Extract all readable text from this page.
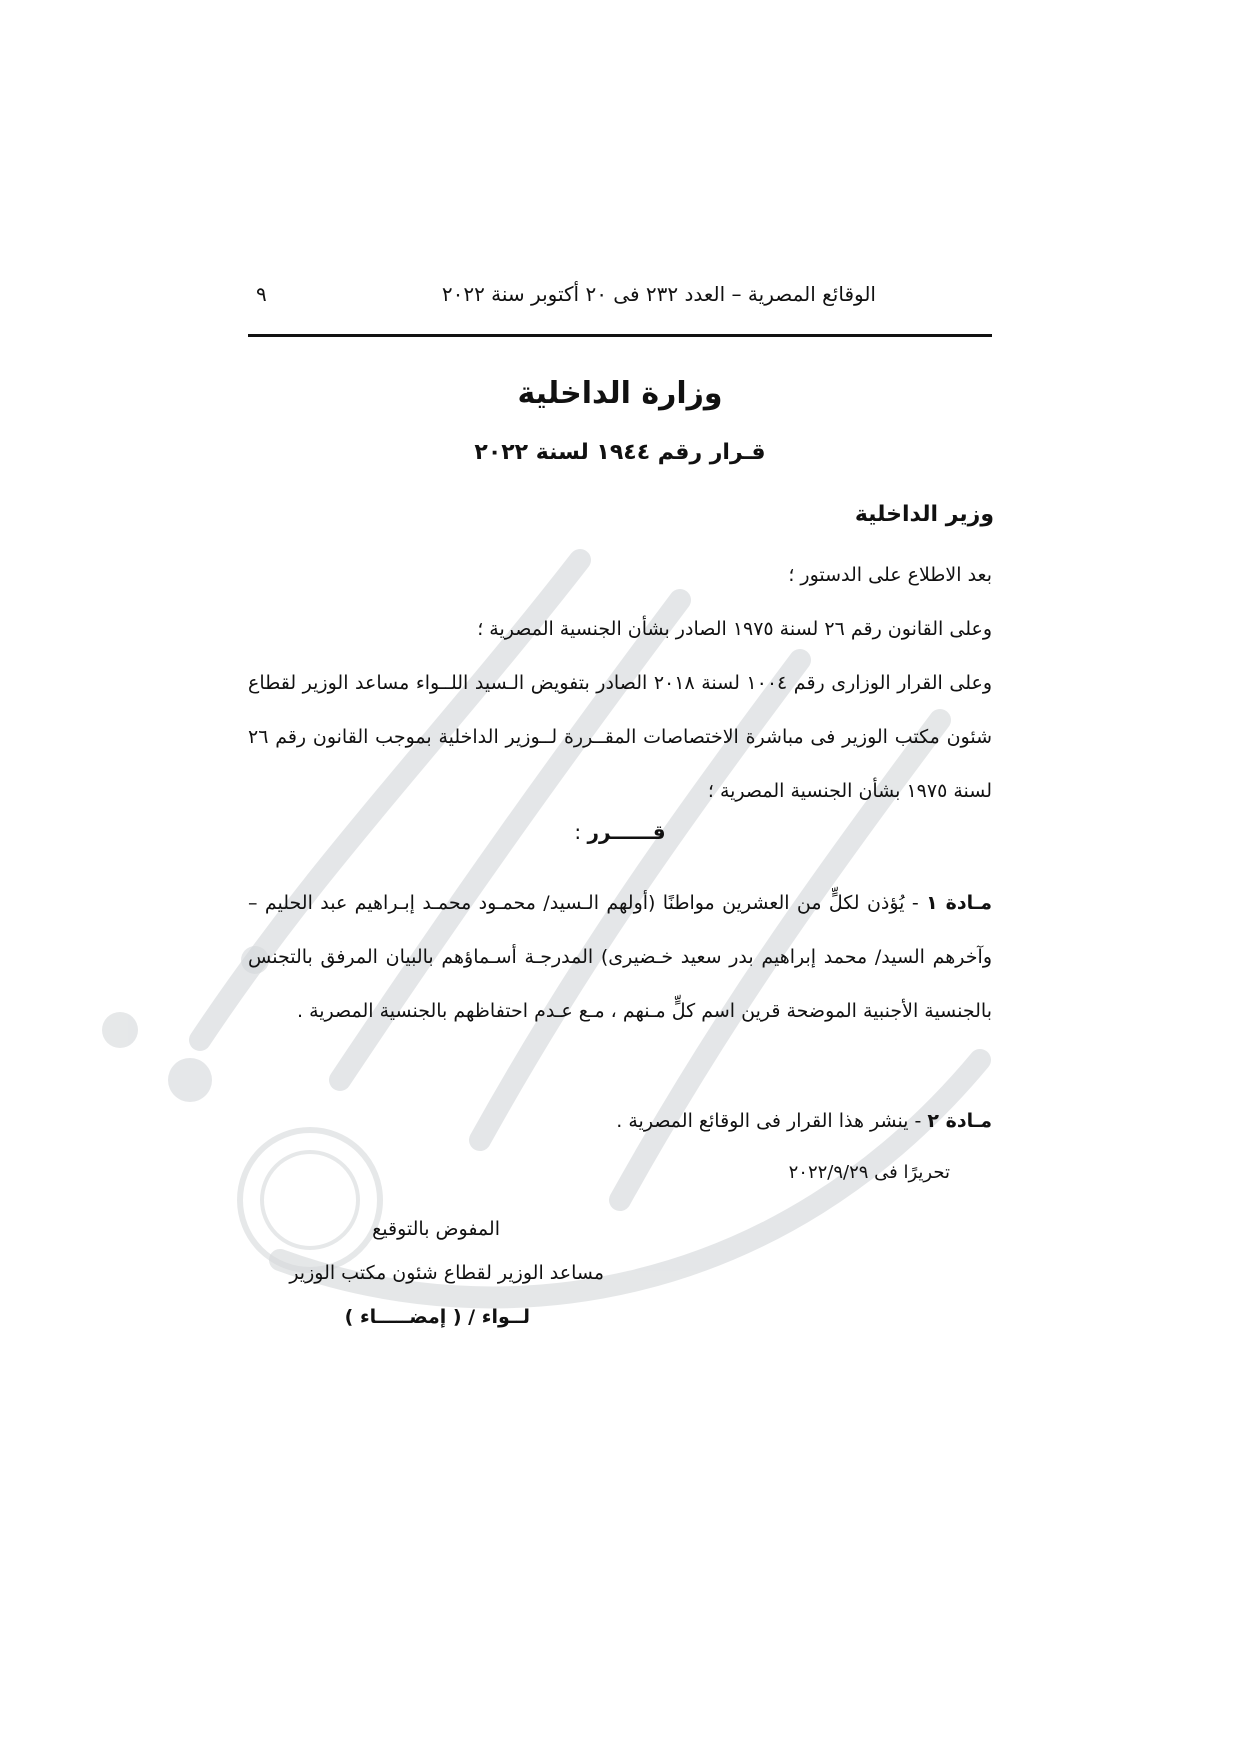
الوقائع المصرية – العدد ٢٣٢ فى ٢٠ أكتوبر سنة ٢٠٢٢
٩
وزارة الداخلية
قـرار رقم ١٩٤٤ لسنة ٢٠٢٢
وزير الداخلية
بعد الاطلاع على الدستور ؛
وعلى القانون رقم ٢٦ لسنة ١٩٧٥ الصادر بشأن الجنسية المصرية ؛
وعلى القرار الوزارى رقم ١٠٠٤ لسنة ٢٠١٨ الصادر بتفويض الـسيد اللــواء مساعد الوزير لقطاع شئون مكتب الوزير فى مباشرة الاختصاصات المقــررة لــوزير الداخلية بموجب القانون رقم ٢٦ لسنة ١٩٧٥ بشأن الجنسية المصرية ؛
قــــــرر :
مـادة ١ - يُؤذن لكلٍّ من العشرين مواطنًا (أولهم الـسيد/ محمـود محمـد إبـراهيم عبد الحليم – وآخرهم السيد/ محمد إبراهيم بدر سعيد خـضيرى) المدرجـة أسـماؤهم بالبيان المرفق بالتجنس بالجنسية الأجنبية الموضحة قرين اسم كلٍّ مـنهم ، مـع عـدم احتفاظهم بالجنسية المصرية .
مـادة ٢ - ينشر هذا القرار فى الوقائع المصرية .
تحريرًا فى ٢٠٢٢/٩/٢٩
المفوض بالتوقيع
مساعد الوزير لقطاع شئون مكتب الوزير
لــواء / ( إمضـــــاء )
